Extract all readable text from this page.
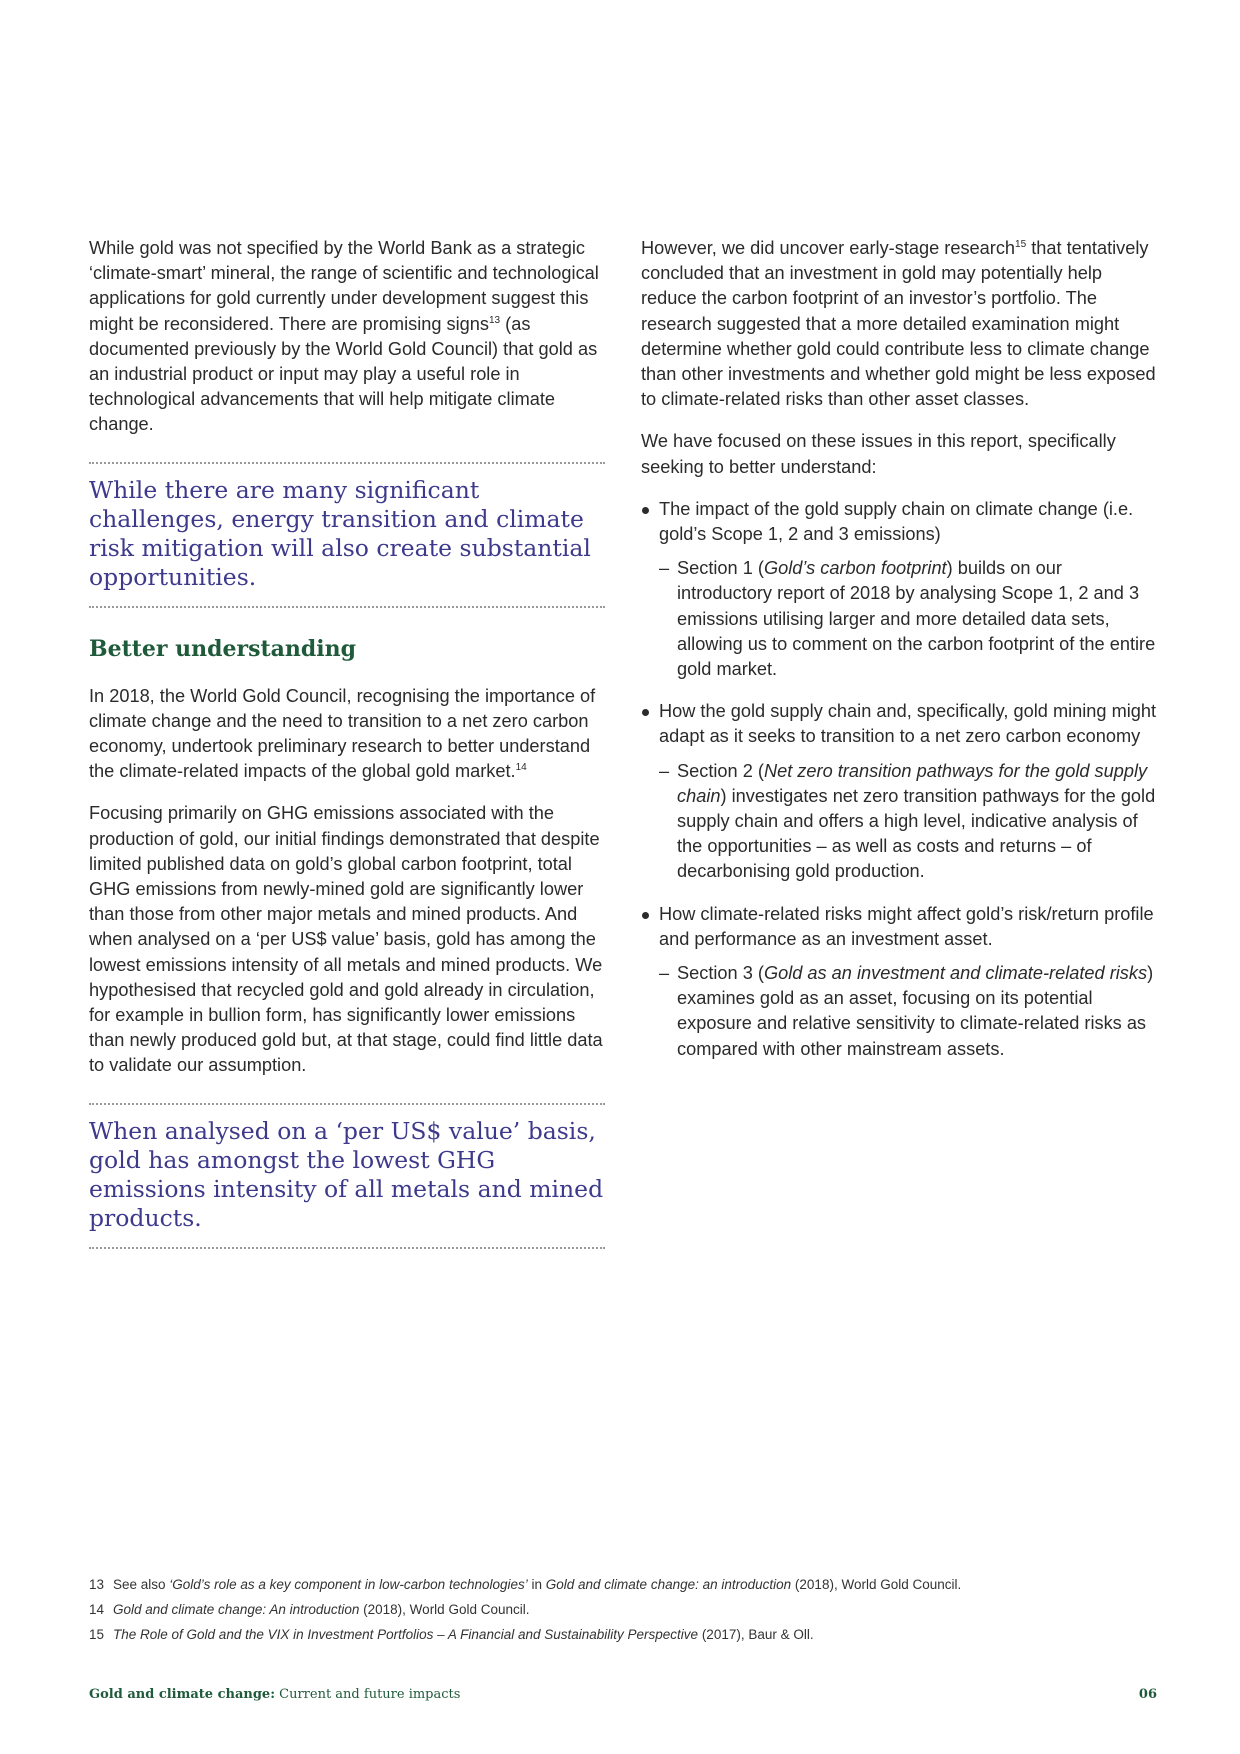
While gold was not specified by the World Bank as a strategic ‘climate-smart’ mineral, the range of scientific and technological applications for gold currently under development suggest this might be reconsidered. There are promising signs$^{13}$ (as documented previously by the World Gold Council) that gold as an industrial product or input may play a useful role in technological advancements that will help mitigate climate change.

While there are many significant challenges, energy transition and climate risk mitigation will also create substantial opportunities.

Better understanding

In 2018, the World Gold Council, recognising the importance of climate change and the need to transition to a net zero carbon economy, undertook preliminary research to better understand the climate-related impacts of the global gold market.$^{14}$

Focusing primarily on GHG emissions associated with the production of gold, our initial findings demonstrated that despite limited published data on gold’s global carbon footprint, total GHG emissions from newly-mined gold are significantly lower than those from other major metals and mined products. And when analysed on a ‘per US$ value’ basis, gold has among the lowest emissions intensity of all metals and mined products. We hypothesised that recycled gold and gold already in circulation, for example in bullion form, has significantly lower emissions than newly produced gold but, at that stage, could find little data to validate our assumption.

When analysed on a ‘per US$ value’ basis, gold has amongst the lowest GHG emissions intensity of all metals and mined products.

However, we did uncover early-stage research$^{15}$ that tentatively concluded that an investment in gold may potentially help reduce the carbon footprint of an investor’s portfolio. The research suggested that a more detailed examination might determine whether gold could contribute less to climate change than other investments and whether gold might be less exposed to climate-related risks than other asset classes.

We have focused on these issues in this report, specifically seeking to better understand:

The impact of the gold supply chain on climate change (i.e. gold’s Scope 1, 2 and 3 emissions)

– Section 1 (Gold’s carbon footprint) builds on our introductory report of 2018 by analysing Scope 1, 2 and 3 emissions utilising larger and more detailed data sets, allowing us to comment on the carbon footprint of the entire gold market.

How the gold supply chain and, specifically, gold mining might adapt as it seeks to transition to a net zero carbon economy

– Section 2 (Net zero transition pathways for the gold supply chain) investigates net zero transition pathways for the gold supply chain and offers a high level, indicative analysis of the opportunities – as well as costs and returns – of decarbonising gold production.

How climate-related risks might affect gold’s risk/return profile and performance as an investment asset.

– Section 3 (Gold as an investment and climate-related risks) examines gold as an asset, focusing on its potential exposure and relative sensitivity to climate-related risks as compared with other mainstream assets.

13 See also ‘Gold’s role as a key component in low-carbon technologies’ in Gold and climate change: an introduction (2018), World Gold Council.
14 Gold and climate change: An introduction (2018), World Gold Council.
15 The Role of Gold and the VIX in Investment Portfolios – A Financial and Sustainability Perspective (2017), Baur & Oll.
Gold and climate change: Current and future impacts	06
